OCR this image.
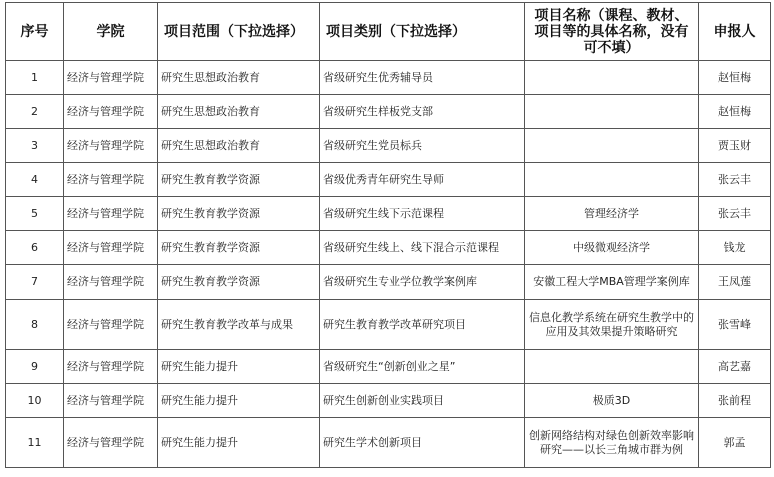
序号	学院	项目范围（下拉选择）	项目类别（下拉选择）	项目名称（课程、教材、项目等的具体名称，没有可不填）	申报人
1	经济与管理学院	研究生思想政治教育	省级研究生优秀辅导员		赵恒梅
2	经济与管理学院	研究生思想政治教育	省级研究生样板党支部		赵恒梅
3	经济与管理学院	研究生思想政治教育	省级研究生党员标兵		贾玉财
4	经济与管理学院	研究生教育教学资源	省级优秀青年研究生导师		张云丰
5	经济与管理学院	研究生教育教学资源	省级研究生线下示范课程	管理经济学	张云丰
6	经济与管理学院	研究生教育教学资源	省级研究生线上、线下混合示范课程	中级微观经济学	钱龙
7	经济与管理学院	研究生教育教学资源	省级研究生专业学位教学案例库	安徽工程大学MBA管理学案例库	王凤莲
8	经济与管理学院	研究生教育教学改革与成果	研究生教育教学改革研究项目	信息化教学系统在研究生教学中的应用及其效果提升策略研究	张雪峰
9	经济与管理学院	研究生能力提升	省级研究生“创新创业之星”		高艺嘉
10	经济与管理学院	研究生能力提升	研究生创新创业实践项目	极质3D	张前程
11	经济与管理学院	研究生能力提升	研究生学术创新项目	创新网络结构对绿色创新效率影响研究——以长三角城市群为例	郭孟
